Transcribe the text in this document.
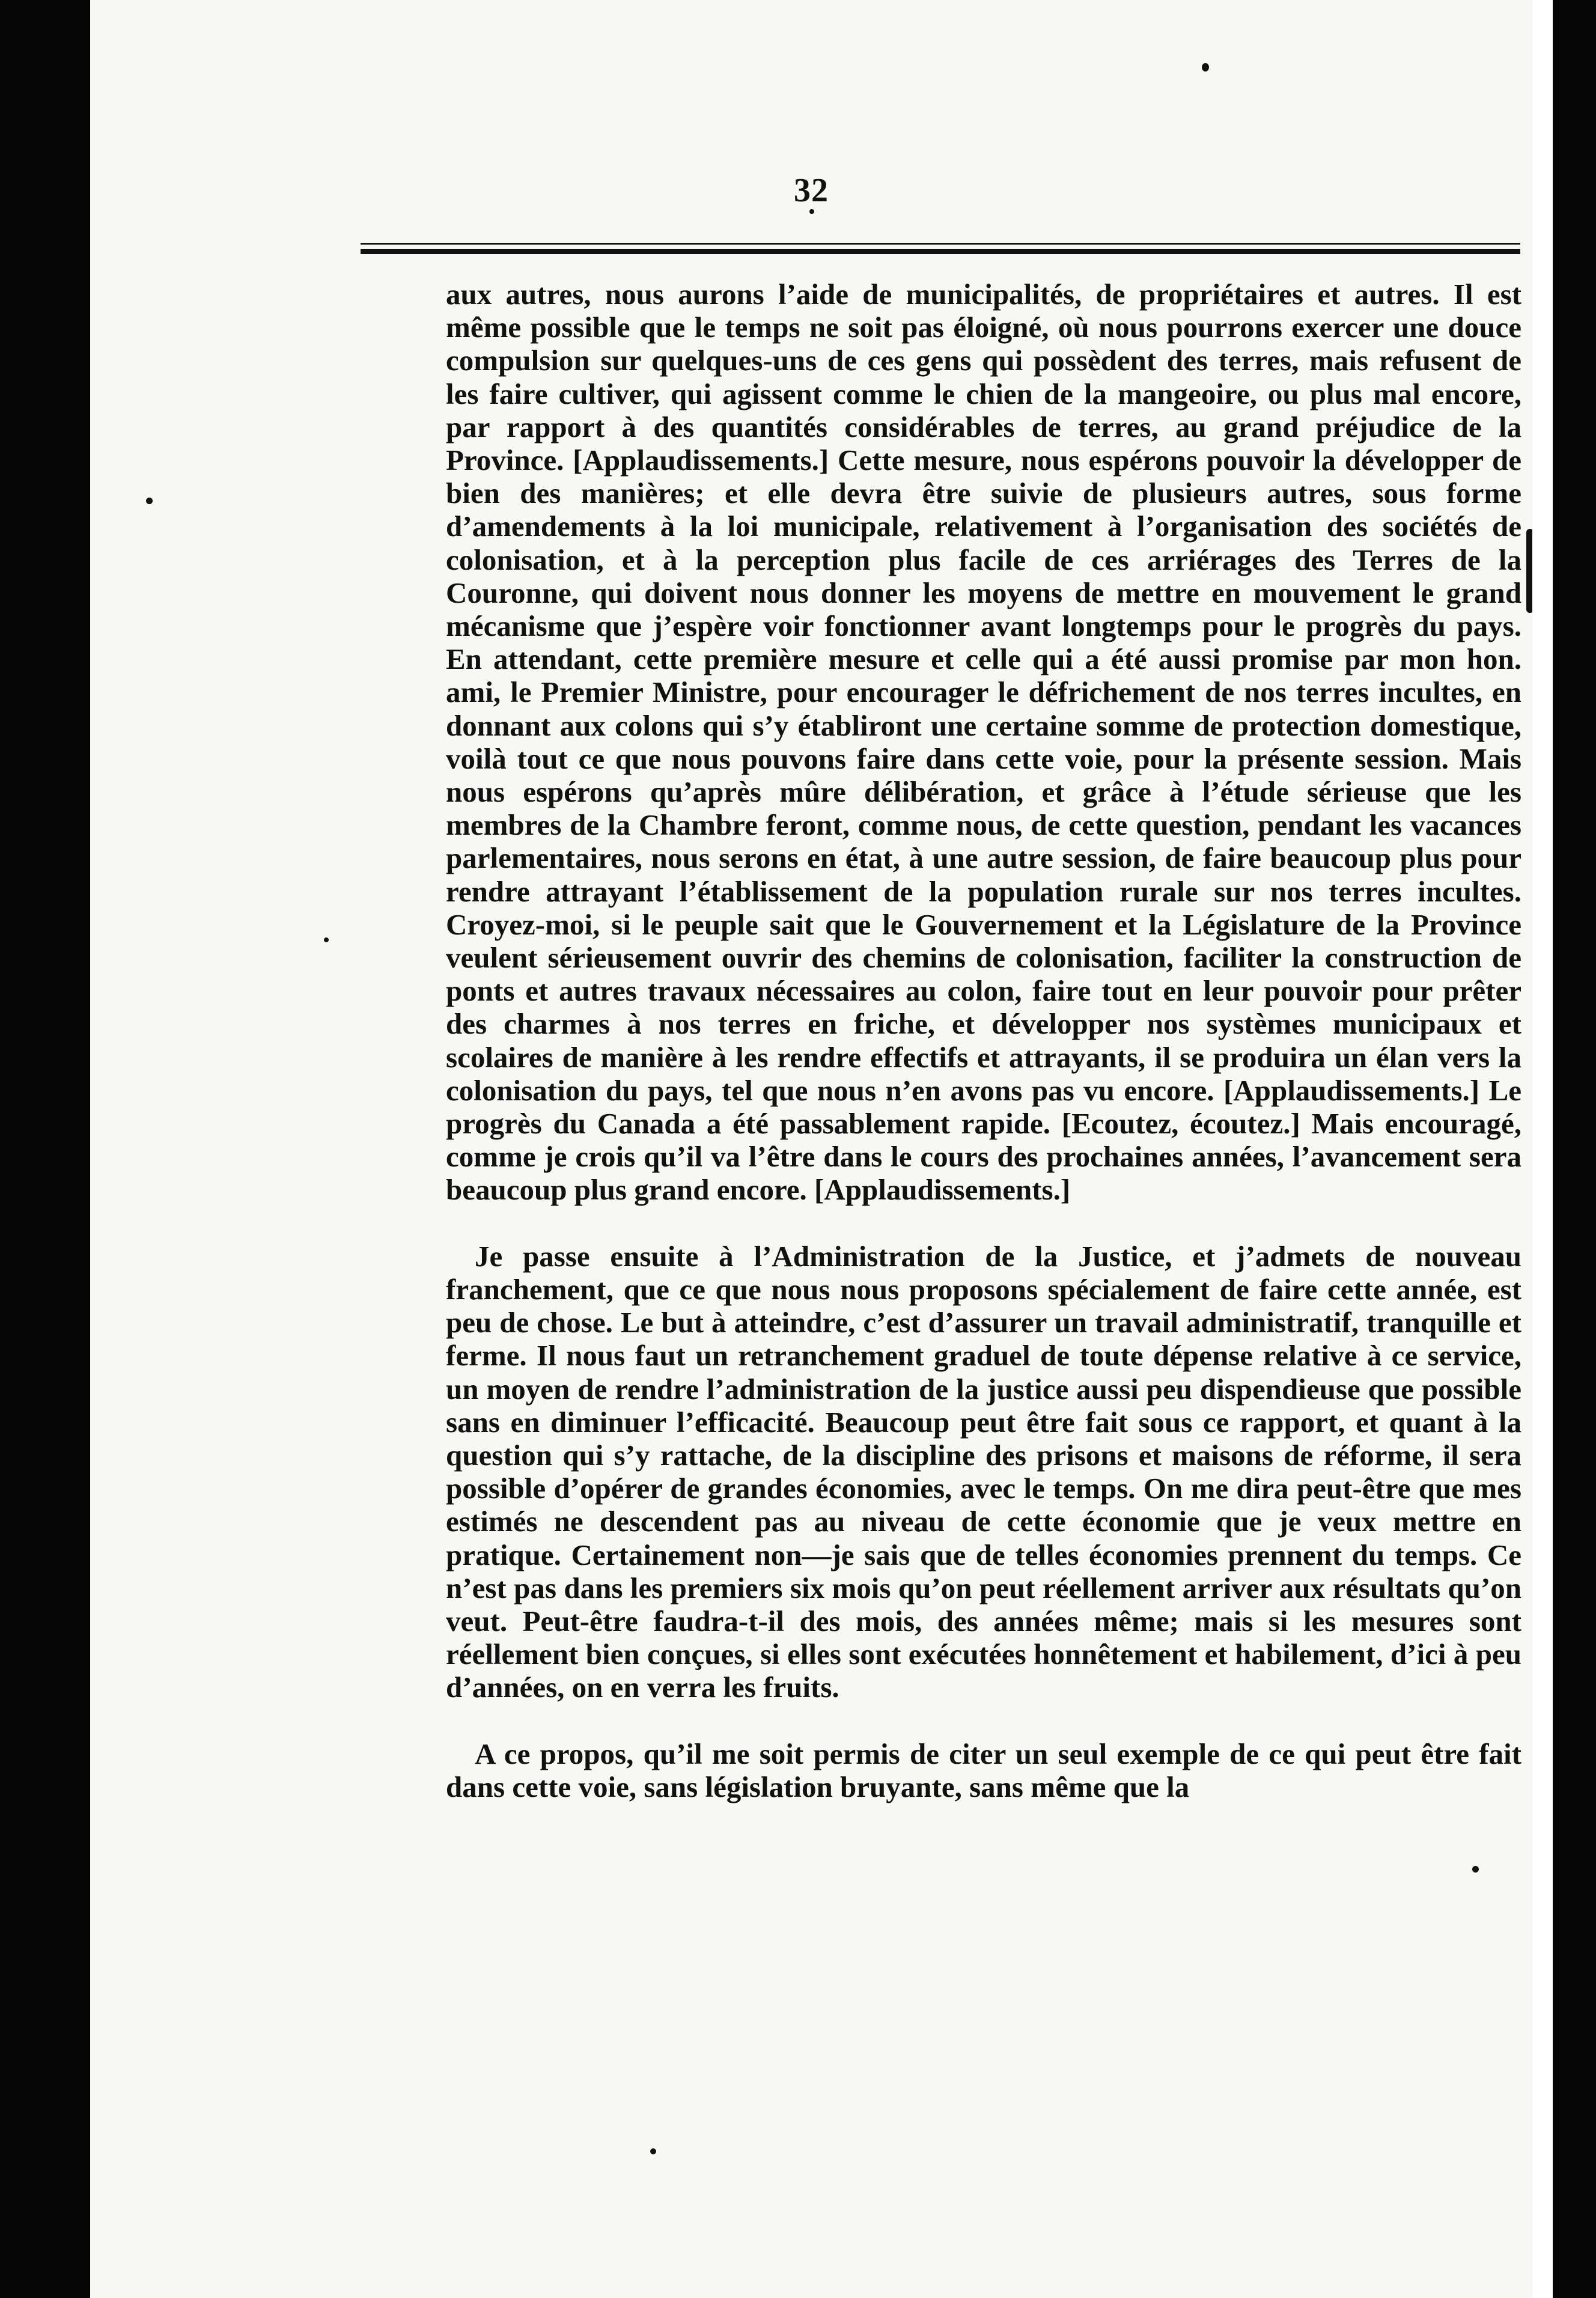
32

aux autres, nous aurons l’aide de municipalités, de propriétaires et autres. Il est même possible que le temps ne soit pas éloigné, où nous pourrons exercer une douce compulsion sur quelques-uns de ces gens qui possèdent des terres, mais refusent de les faire cultiver, qui agissent comme le chien de la mangeoire, ou plus mal encore, par rapport à des quantités considérables de terres, au grand préjudice de la Province. [Applaudissements.] Cette mesure, nous espérons pouvoir la développer de bien des manières; et elle devra être suivie de plusieurs autres, sous forme d’amendements à la loi municipale, relativement à l’organisation des sociétés de colonisation, et à la perception plus facile de ces arriérages des Terres de la Couronne, qui doivent nous donner les moyens de mettre en mouvement le grand mécanisme que j’espère voir fonctionner avant longtemps pour le progrès du pays. En attendant, cette première mesure et celle qui a été aussi promise par mon hon. ami, le Premier Ministre, pour encourager le défrichement de nos terres incultes, en donnant aux colons qui s’y établiront une certaine somme de protection domestique, voilà tout ce que nous pouvons faire dans cette voie, pour la présente session. Mais nous espérons qu’après mûre délibération, et grâce à l’étude sérieuse que les membres de la Chambre feront, comme nous, de cette question, pendant les vacances parlementaires, nous serons en état, à une autre session, de faire beaucoup plus pour rendre attrayant l’établissement de la population rurale sur nos terres incultes. Croyez-moi, si le peuple sait que le Gouvernement et la Législature de la Province veulent sérieusement ouvrir des chemins de colonisation, faciliter la construction de ponts et autres travaux nécessaires au colon, faire tout en leur pouvoir pour prêter des charmes à nos terres en friche, et développer nos systèmes municipaux et scolaires de manière à les rendre effectifs et attrayants, il se produira un élan vers la colonisation du pays, tel que nous n’en avons pas vu encore. [Applaudissements.] Le progrès du Canada a été passablement rapide. [Ecoutez, écoutez.] Mais encouragé, comme je crois qu’il va l’être dans le cours des prochaines années, l’avancement sera beaucoup plus grand encore. [Applaudissements.]

Je passe ensuite à l’Administration de la Justice, et j’admets de nouveau franchement, que ce que nous nous proposons spécialement de faire cette année, est peu de chose. Le but à atteindre, c’est d’assurer un travail administratif, tranquille et ferme. Il nous faut un retranchement graduel de toute dépense relative à ce service, un moyen de rendre l’administration de la justice aussi peu dispendieuse que possible sans en diminuer l’efficacité. Beaucoup peut être fait sous ce rapport, et quant à la question qui s’y rattache, de la discipline des prisons et maisons de réforme, il sera possible d’opérer de grandes économies, avec le temps. On me dira peut-être que mes estimés ne descendent pas au niveau de cette économie que je veux mettre en pratique. Certainement non—je sais que de telles économies prennent du temps. Ce n’est pas dans les premiers six mois qu’on peut réellement arriver aux résultats qu’on veut. Peut-être faudra-t-il des mois, des années même; mais si les mesures sont réellement bien conçues, si elles sont exécutées honnêtement et habilement, d’ici à peu d’années, on en verra les fruits.

A ce propos, qu’il me soit permis de citer un seul exemple de ce qui peut être fait dans cette voie, sans législation bruyante, sans même que la
